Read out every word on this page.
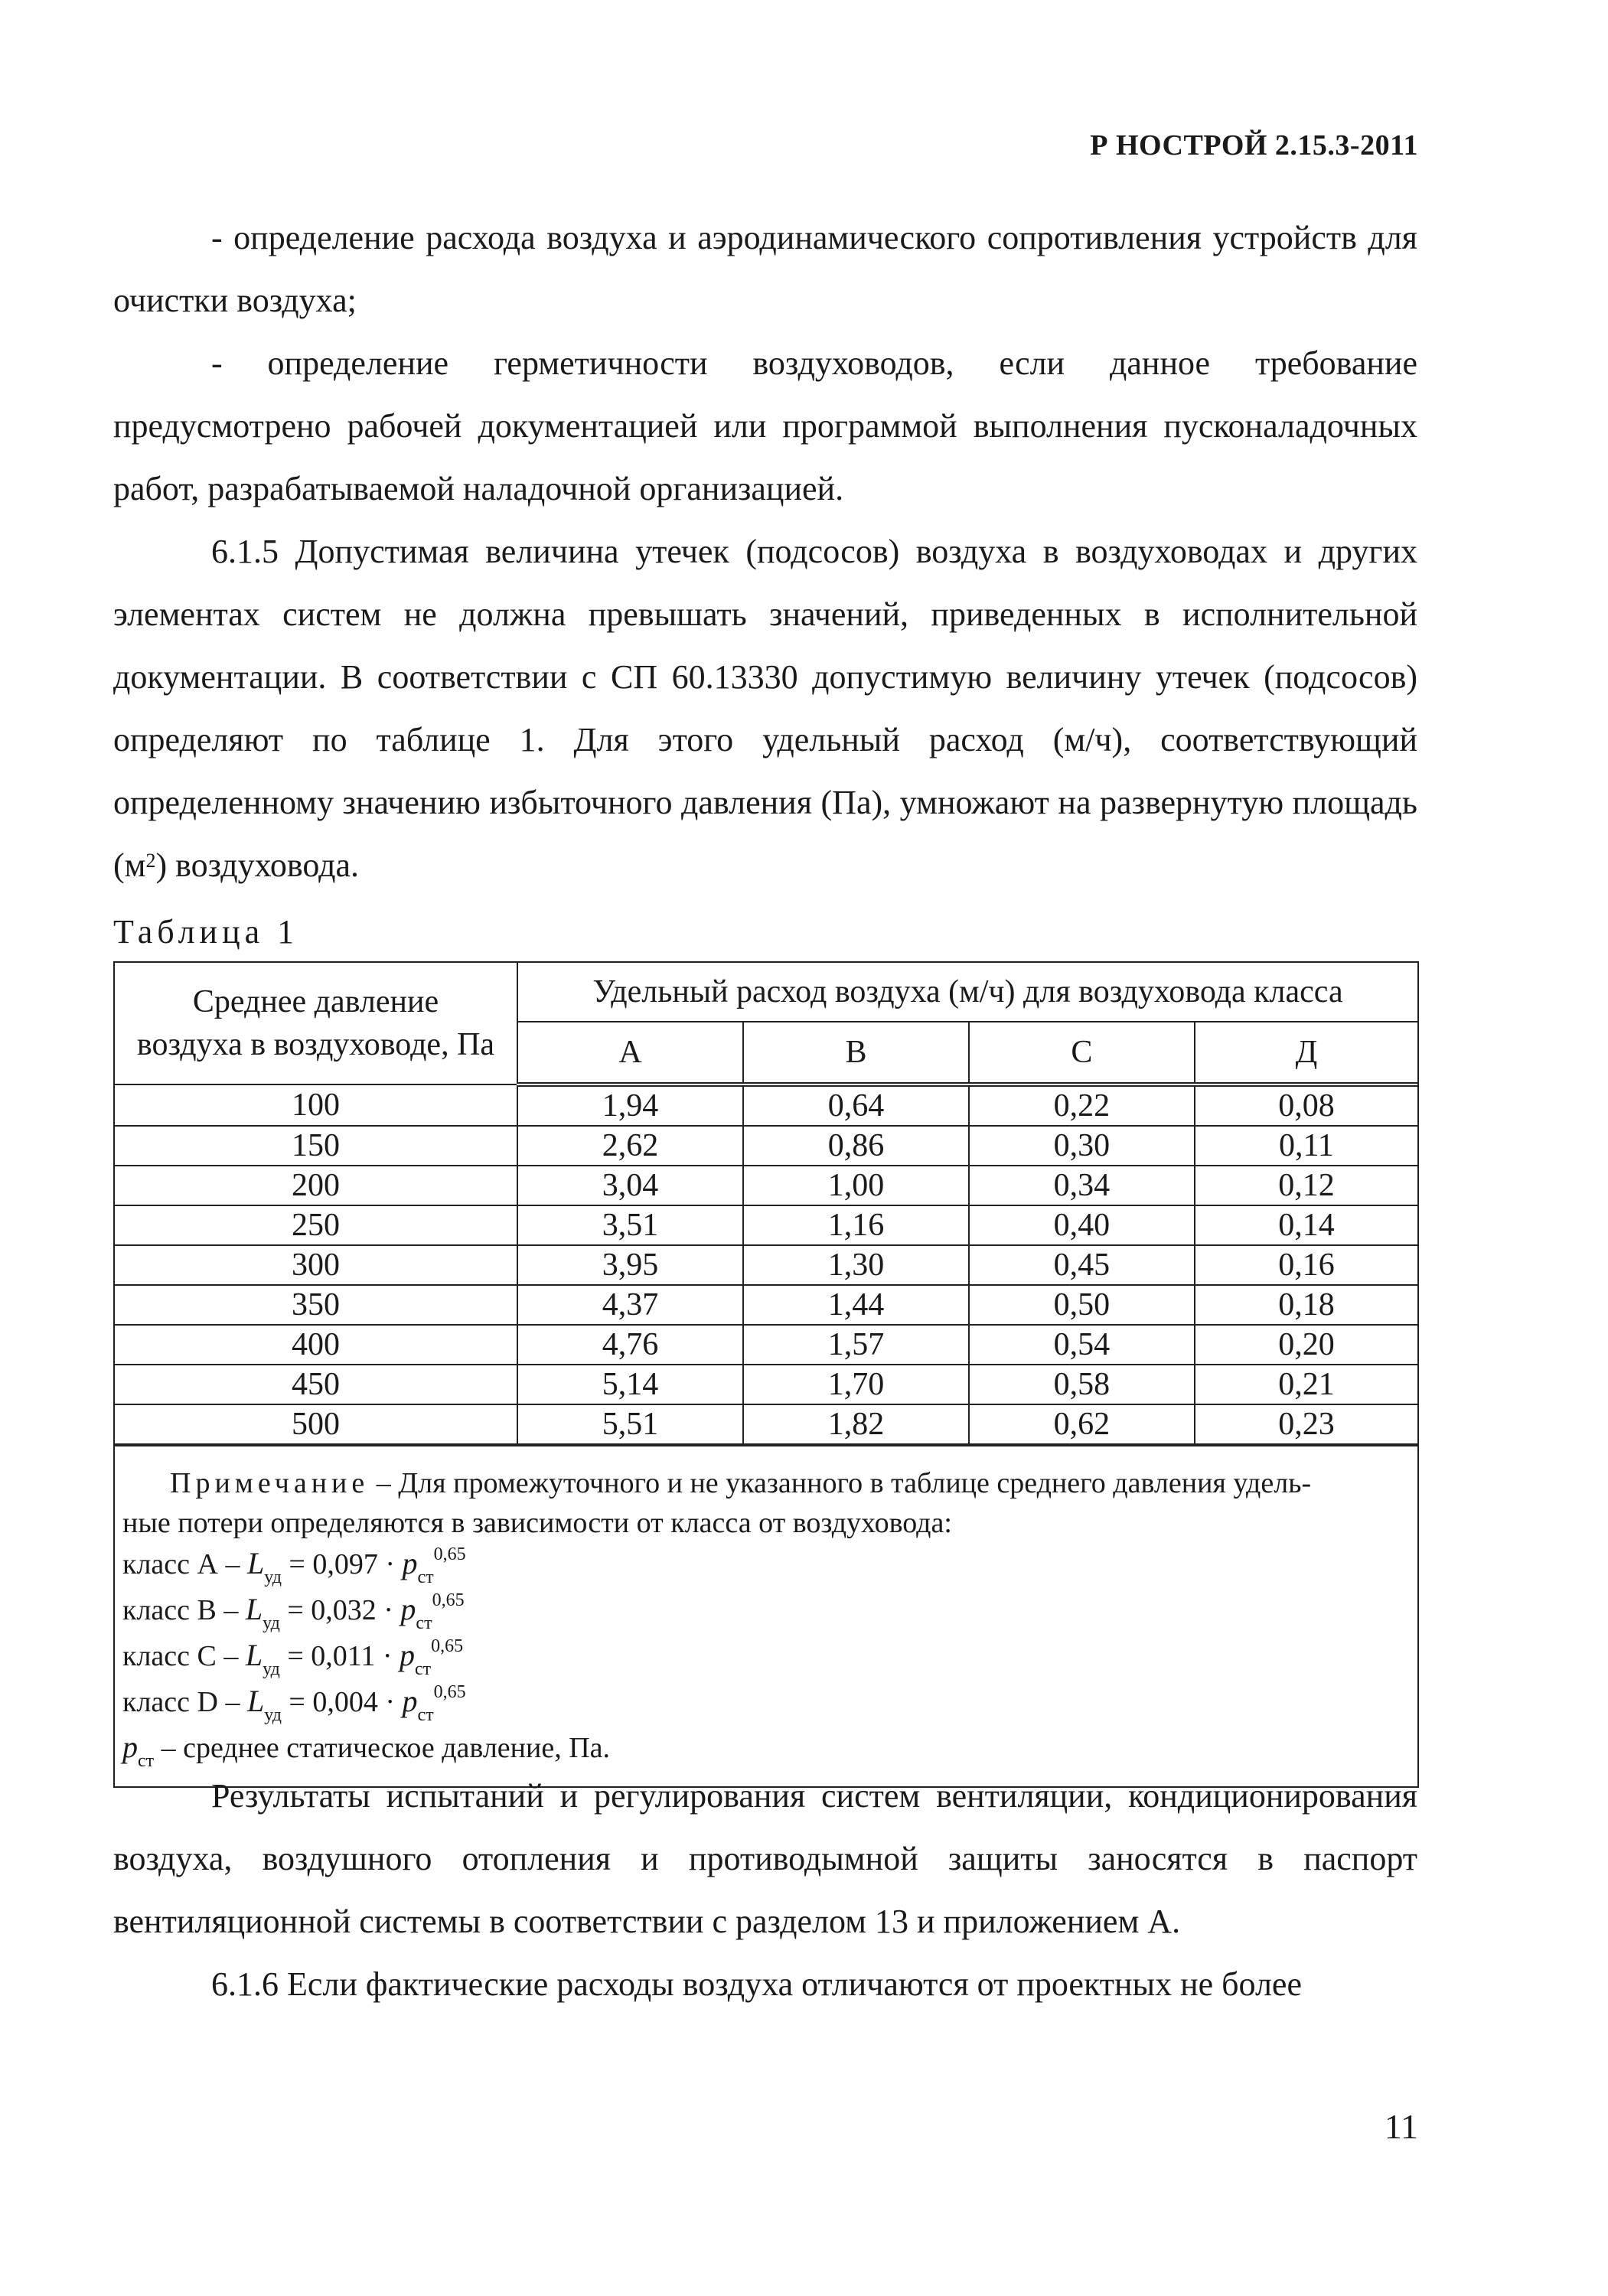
Р НОСТРОЙ 2.15.3-2011

- определение расхода воздуха и аэродинамического сопротивления устройств для очистки воздуха;

- определение герметичности воздуховодов, если данное требование предусмотрено рабочей документацией или программой выполнения пусконаладочных работ, разрабатываемой наладочной организацией.

6.1.5 Допустимая величина утечек (подсосов) воздуха в воздуховодах и других элементах систем не должна превышать значений, приведенных в исполнительной документации. В соответствии с СП 60.13330 допустимую величину утечек (подсосов) определяют по таблице 1. Для этого удельный расход (м/ч), соответствующий определенному значению избыточного давления (Па), умножают на развернутую площадь $(м^2)$ воздуховода.

Таблица 1
Среднее давление
воздуха в воздуховоде, Па	Удельный расход воздуха (м/ч) для воздуховода класса			
	А	В	С	Д
100	1,94	0,64	0,22	0,08
150	2,62	0,86	0,30	0,11
200	3,04	1,00	0,34	0,12
250	3,51	1,16	0,40	0,14
300	3,95	1,30	0,45	0,16
350	4,37	1,44	0,50	0,18
400	4,76	1,57	0,54	0,20
450	5,14	1,70	0,58	0,21
500	5,51	1,82	0,62	0,23
Примечание – Для промежуточного и не указанного в таблице среднего давления удель-
ные потери определяются в зависимости от класса от воздуховода:
класс $А - L_{уд} = 0,097 \cdot p_{ст}^{0,65}$
класс $В - L_{уд} = 0,032 \cdot p_{ст}^{0,65}$
класс $С - L_{уд} = 0,011 \cdot p_{ст}^{0,65}$
класс $D - L_{уд} = 0,004 \cdot p_{ст}^{0,65}$
$p_{ст}$ – среднее статическое давление, Па.

Результаты испытаний и регулирования систем вентиляции, кондиционирования воздуха, воздушного отопления и противодымной защиты заносятся в паспорт вентиляционной системы в соответствии с разделом 13 и приложением А.

6.1.6 Если фактические расходы воздуха отличаются от проектных не более

11
